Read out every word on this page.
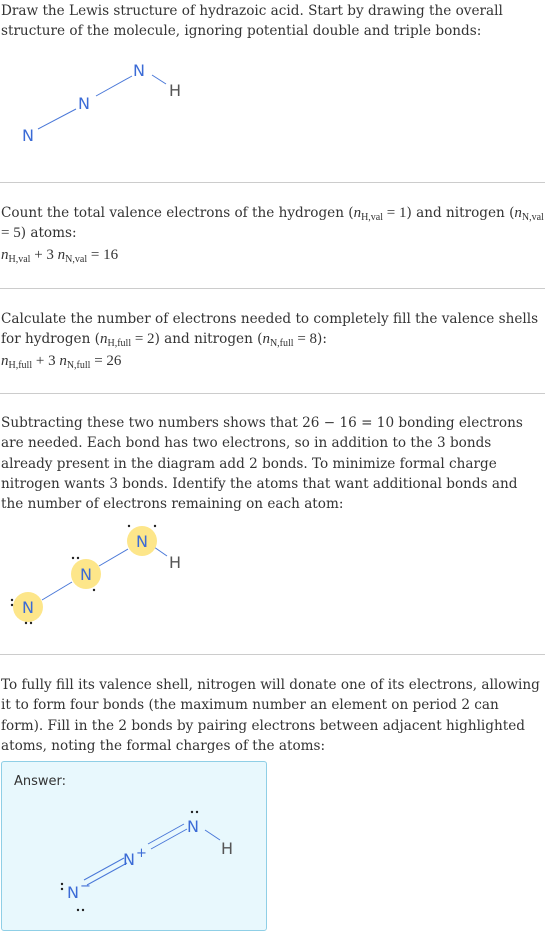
Draw the Lewis structure of hydrazoic acid. Start by drawing the overall structure of the molecule, ignoring potential double and triple bonds:

N
N
N
H
Count the total valence electrons of the hydrogen $(n_{H,val} = 1)$ and nitrogen $(n_{N,val} = 5)$ atoms:
$n_{H,val} + 3$ $n_{N,val} = 16$
Calculate the number of electrons needed to completely fill the valence shells for hydrogen $(n_{H,full} = 2)$ and nitrogen $(n_{N,full} = 8)$:
$n_{H,full} + 3$ $n_{N,full} = 26$

Subtracting these two numbers shows that 26 − 16 = 10 bonding electrons are needed. Each bond has two electrons, so in addition to the 3 bonds already present in the diagram add 2 bonds. To minimize formal charge nitrogen wants 3 bonds. Identify the atoms that want additional bonds and the number of electrons remaining on each atom:

N
N
N
H

To fully fill its valence shell, nitrogen will donate one of its electrons, allowing it to form four bonds (the maximum number an element on period 2 can form). Fill in the 2 bonds by pairing electrons between adjacent highlighted atoms, noting the formal charges of the atoms:

Answer:
N −
N +
N
H
